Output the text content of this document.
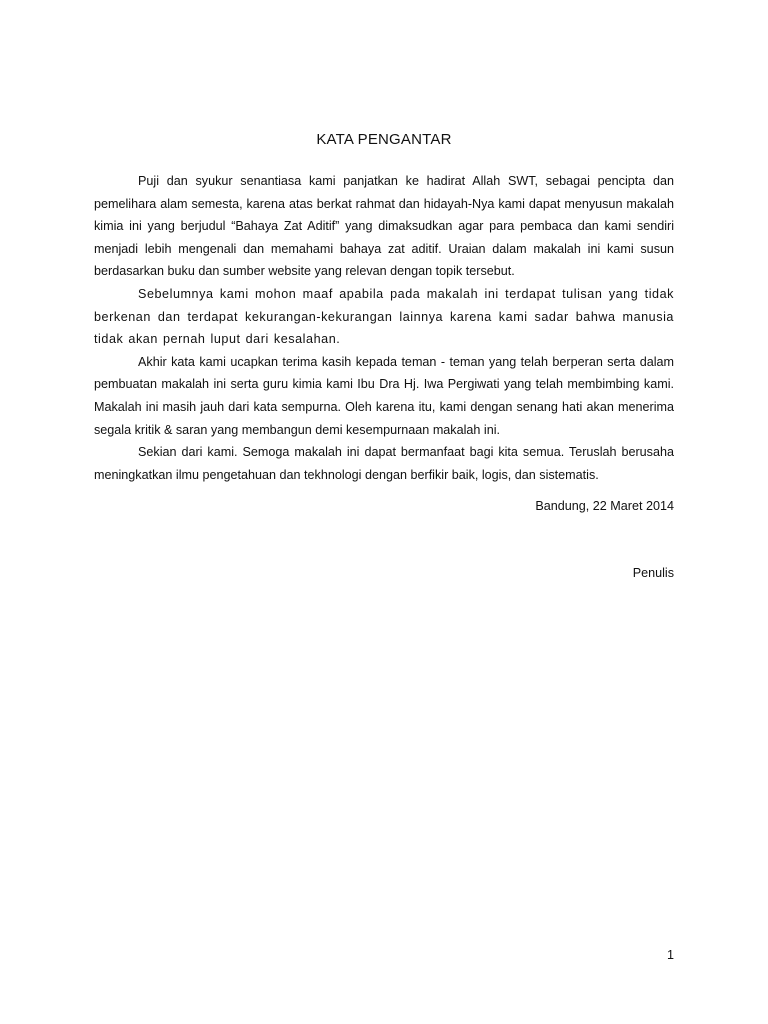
KATA PENGANTAR

Puji dan syukur senantiasa kami panjatkan ke hadirat Allah SWT, sebagai pencipta dan pemelihara alam semesta, karena atas berkat rahmat dan hidayah-Nya kami dapat menyusun makalah kimia ini yang berjudul “Bahaya Zat Aditif” yang dimaksudkan agar para pembaca dan kami sendiri menjadi lebih mengenali dan memahami bahaya zat aditif. Uraian dalam makalah ini kami susun berdasarkan buku dan sumber website yang relevan dengan topik tersebut.

Sebelumnya kami mohon maaf apabila pada makalah ini terdapat tulisan yang tidak berkenan dan terdapat kekurangan-kekurangan lainnya karena kami sadar bahwa manusia tidak akan pernah luput dari kesalahan.

Akhir kata kami ucapkan terima kasih kepada teman - teman yang telah berperan serta dalam pembuatan makalah ini serta guru kimia kami Ibu Dra Hj. Iwa Pergiwati yang telah membimbing kami. Makalah ini masih jauh dari kata sempurna. Oleh karena itu, kami dengan senang hati akan menerima segala kritik & saran yang membangun demi kesempurnaan makalah ini.

Sekian dari kami. Semoga makalah ini dapat bermanfaat bagi kita semua. Teruslah berusaha meningkatkan ilmu pengetahuan dan tekhnologi dengan berfikir baik, logis, dan sistematis.

Bandung, 22 Maret 2014
Penulis
1
